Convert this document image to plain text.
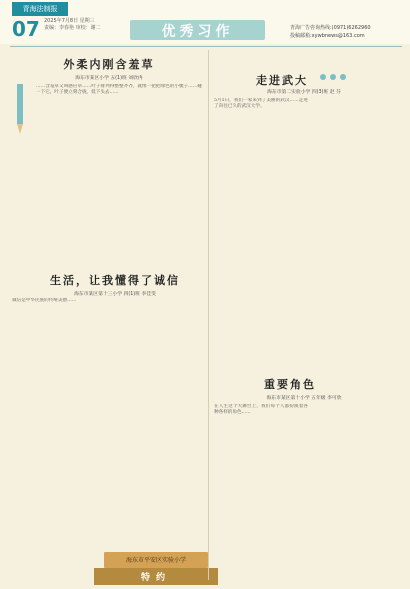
青海法制报
07 2025年7月8日 星期三
责编：李春艳 审校：谢二	优秀习作	青海广告咨询热线:(0971)6262960
投稿邮箱:xywbnews@163.com
外柔内刚含羞草
海东市某区小学 五(1)班 刘欣冉
……含羞草又叫感应草……叶子排列得整整齐齐，就像一把把绿色的小梳子……碰一下它，叶子便立刻合拢，低下头去……
生活，让我懂得了诚信
海东市某区第十三小学 四(1)班 李佳雯
诚信是中华民族的传统美德……
海东市平安区实验小学
特约
走进武大
海东市第二实验小学 四(3)班 赵 芬
5月1日，我们一家来到了美丽的武汉……走进了向往已久的武汉大学。
重要角色
海东市某区第十小学 五年级 李可欣
在人生这个大舞台上，我们每个人都扮演着各种各样的角色……
